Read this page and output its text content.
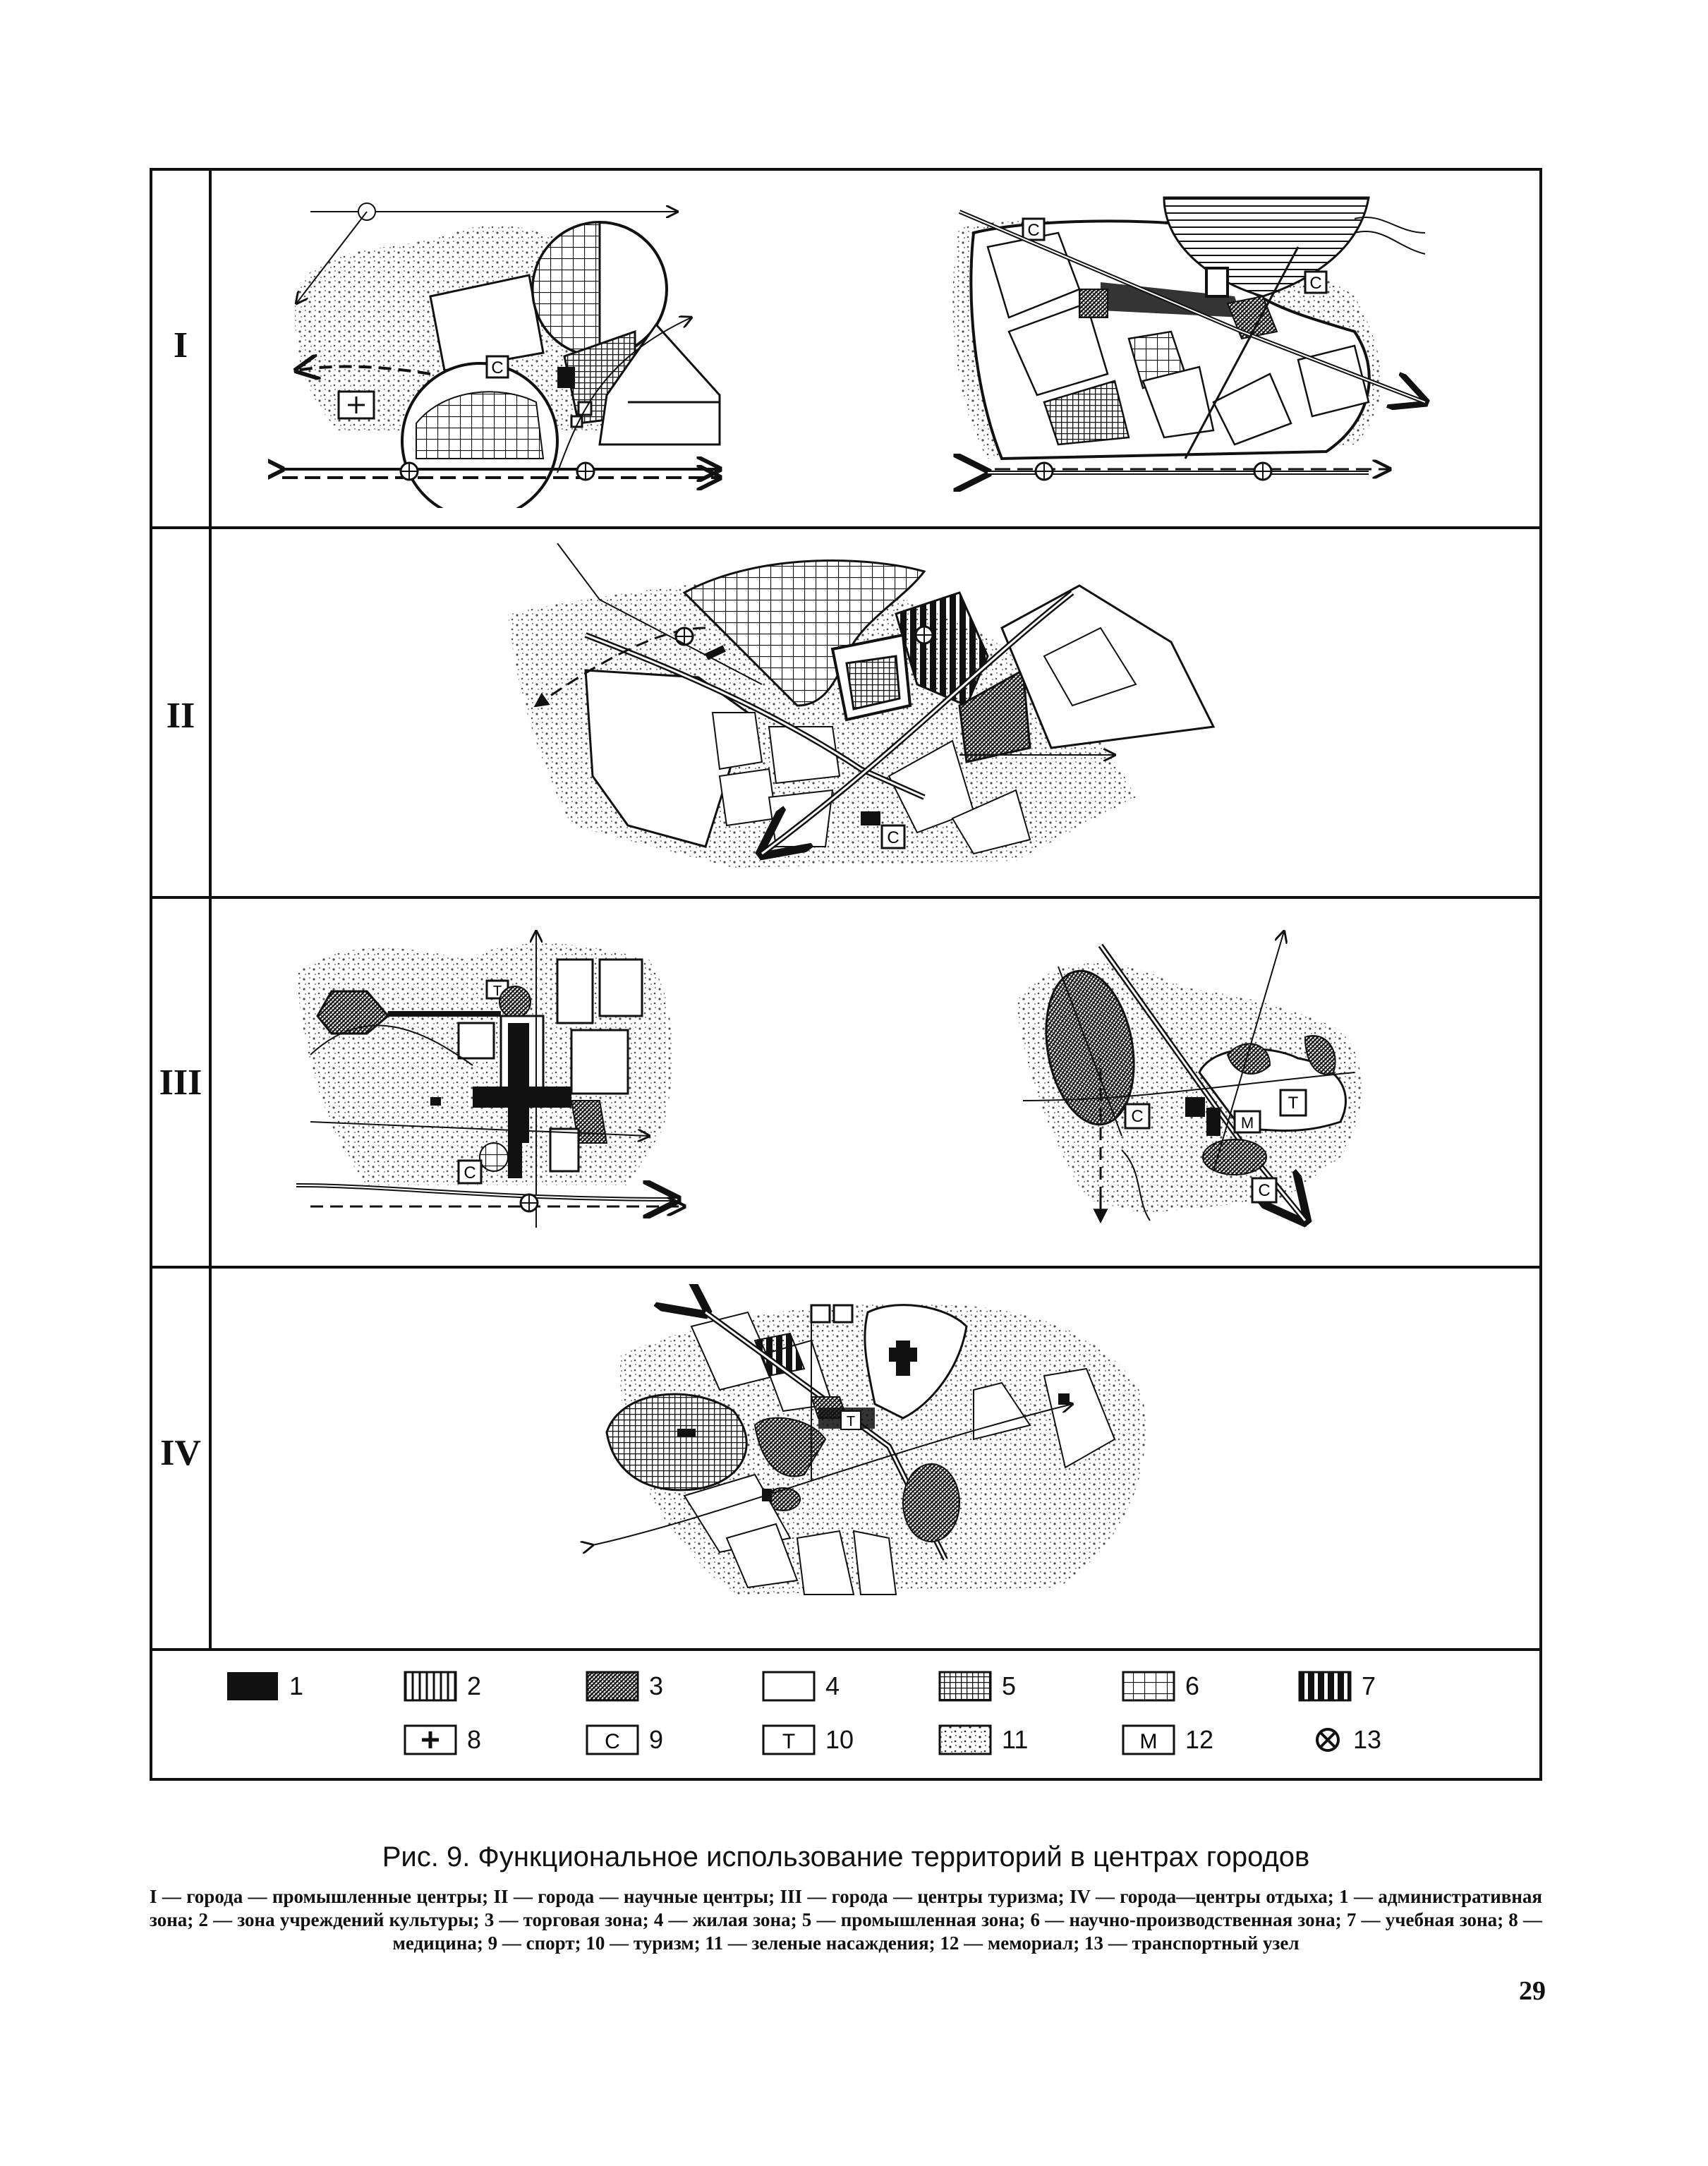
I
II
III
IV
С
С
С
С
Т
С
М
Т
С
С
Т
1	2	3	4	5	6	7
8	С 9	Т 10	11	М 12	13
Рис. 9. Функциональное использование территорий в центрах городов
I — города — промышленные центры; II — города — научные центры; III — города — центры туризма; IV — города—центры отдыха; 1 — административная зона; 2 — зона учреждений культуры; 3 — торговая зона; 4 — жилая зона; 5 — промышленная зона; 6 — научно-производственная зона; 7 — учебная зона; 8 — медицина; 9 — спорт; 10 — туризм; 11 — зеленые насаждения; 12 — мемориал; 13 — транспортный узел
29
